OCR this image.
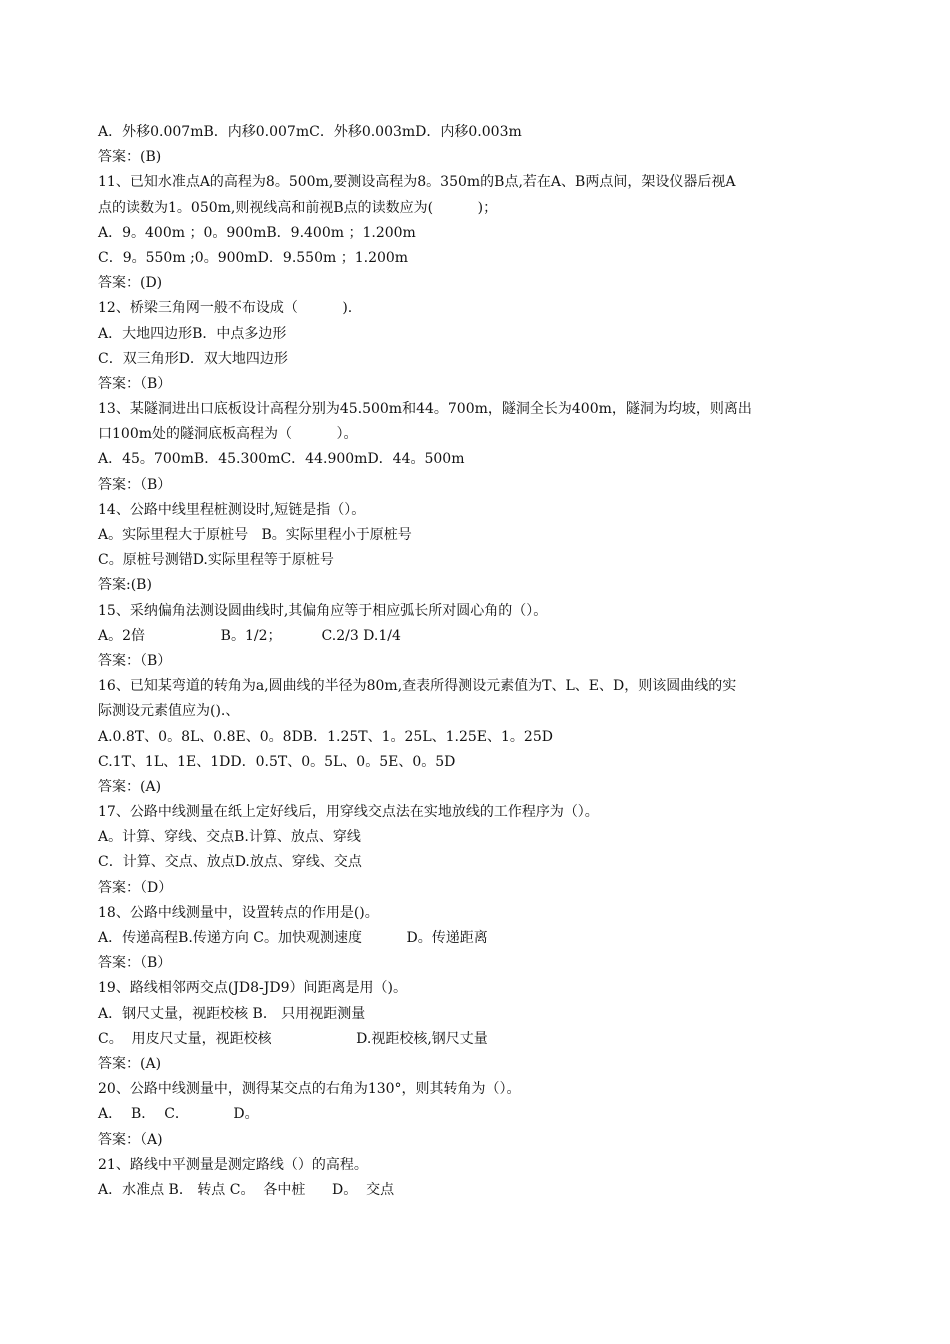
A．外移0.007mB．内移0.007mC．外移0.003mD．内移0.003m
答案：(B)
11、已知水准点A的高程为8。500m,要测设高程为8。350m的B点,若在A、B两点间，架设仪器后视A
点的读数为1。050m,则视线高和前视B点的读数应为(          )；
A．9。400m ；0。900mB．9.400m ；1.200m
C．9。550m ;0。900mD．9.550m ；1.200m
答案：(D)
12、桥梁三角网一般不布设成（          ).
A．大地四边形B．中点多边形
C．双三角形D．双大地四边形
答案：（B）
13、某隧洞进出口底板设计高程分别为45.500m和44。700m，隧洞全长为400m，隧洞为均坡，则离出
口100m处的隧洞底板高程为（          ）。
A．45。700mB．45.300mC．44.900mD．44。500m
答案：（B）
14、公路中线里程桩测设时,短链是指（）。
A。实际里程大于原桩号   B。实际里程小于原桩号
C。原桩号测错D.实际里程等于原桩号
答案:(B)
15、采纳偏角法测设圆曲线时,其偏角应等于相应弧长所对圆心角的（）。
A。2倍                 B。1/2；         C.2/3 D.1/4
答案：（B）
16、已知某弯道的转角为a,圆曲线的半径为80m,查表所得测设元素值为T、L、E、D，则该圆曲线的实
际测设元素值应为().、
A.0.8T、0。8L、0.8E、0。8DB．1.25T、1。25L、1.25E、1。25D
C.1T、1L、1E、1DD．0.5T、0。5L、0。5E、0。5D
答案：(A)
17、公路中线测量在纸上定好线后，用穿线交点法在实地放线的工作程序为（）。
A。计算、穿线、交点B.计算、放点、穿线
C．计算、交点、放点D.放点、穿线、交点
答案：（D）
18、公路中线测量中，设置转点的作用是()。
A．传递高程B.传递方向 C。加快观测速度          D。传递距离
答案：（B）
19、路线相邻两交点(JD8-JD9）间距离是用（)。
A．钢尺丈量，视距校核 B． 只用视距测量
C。  用皮尺丈量，视距校核                   D.视距校核,钢尺丈量
答案：(A)
20、公路中线测量中，测得某交点的右角为130°，则其转角为（）。
A．  B．  C．          D。
答案：（A)
21、路线中平测量是测定路线（）的高程。
A．水准点 B． 转点 C。  各中桩      D。  交点
